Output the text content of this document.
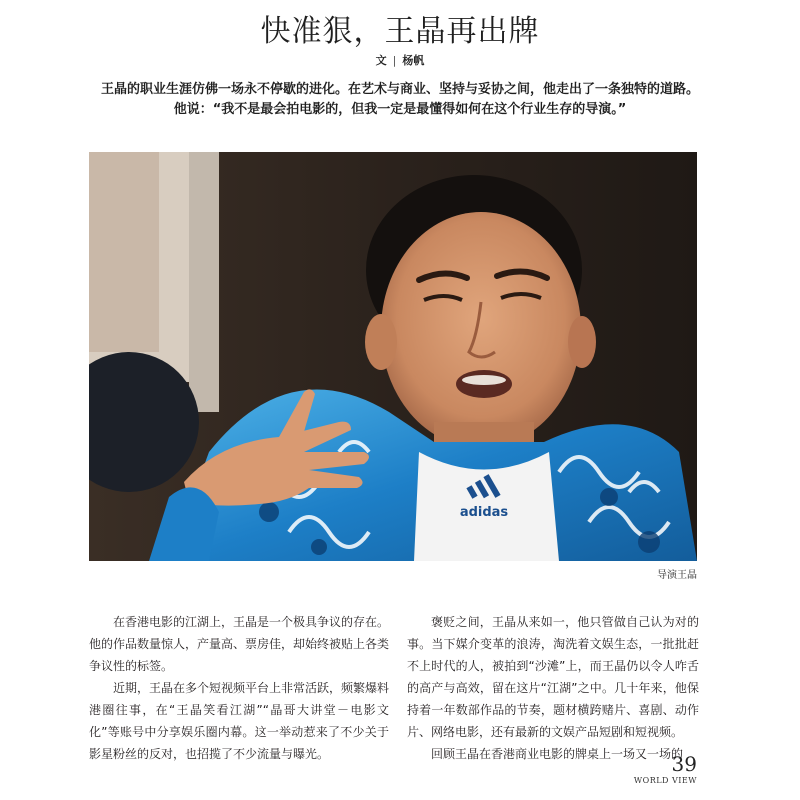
快准狠，王晶再出牌
文 | 杨帆

王晶的职业生涯仿佛一场永不停歇的进化。在艺术与商业、坚持与妥协之间，他走出了一条独特的道路。

他说：“我不是最会拍电影的，但我一定是最懂得如何在这个行业生存的导演。”

adidas
导演王晶

在香港电影的江湖上，王晶是一个极具争议的存在。他的作品数量惊人，产量高、票房佳，却始终被贴上各类争议性的标签。

近期，王晶在多个短视频平台上非常活跃，频繁爆料港圈往事，在“王晶笑看江湖”“晶哥大讲堂－电影文化”等账号中分享娱乐圈内幕。这一举动惹来了不少关于影星粉丝的反对，也招揽了不少流量与曝光。

褒贬之间，王晶从来如一，他只管做自己认为对的事。当下媒介变革的浪涛，淘洗着文娱生态，一批批赶不上时代的人，被拍到“沙滩”上，而王晶仍以令人咋舌的高产与高效，留在这片“江湖”之中。几十年来，他保持着一年数部作品的节奏，题材横跨赌片、喜剧、动作片、网络电影，还有最新的文娱产品短剧和短视频。

回顾王晶在香港商业电影的牌桌上一场又一场的

39
WORLD VIEW
